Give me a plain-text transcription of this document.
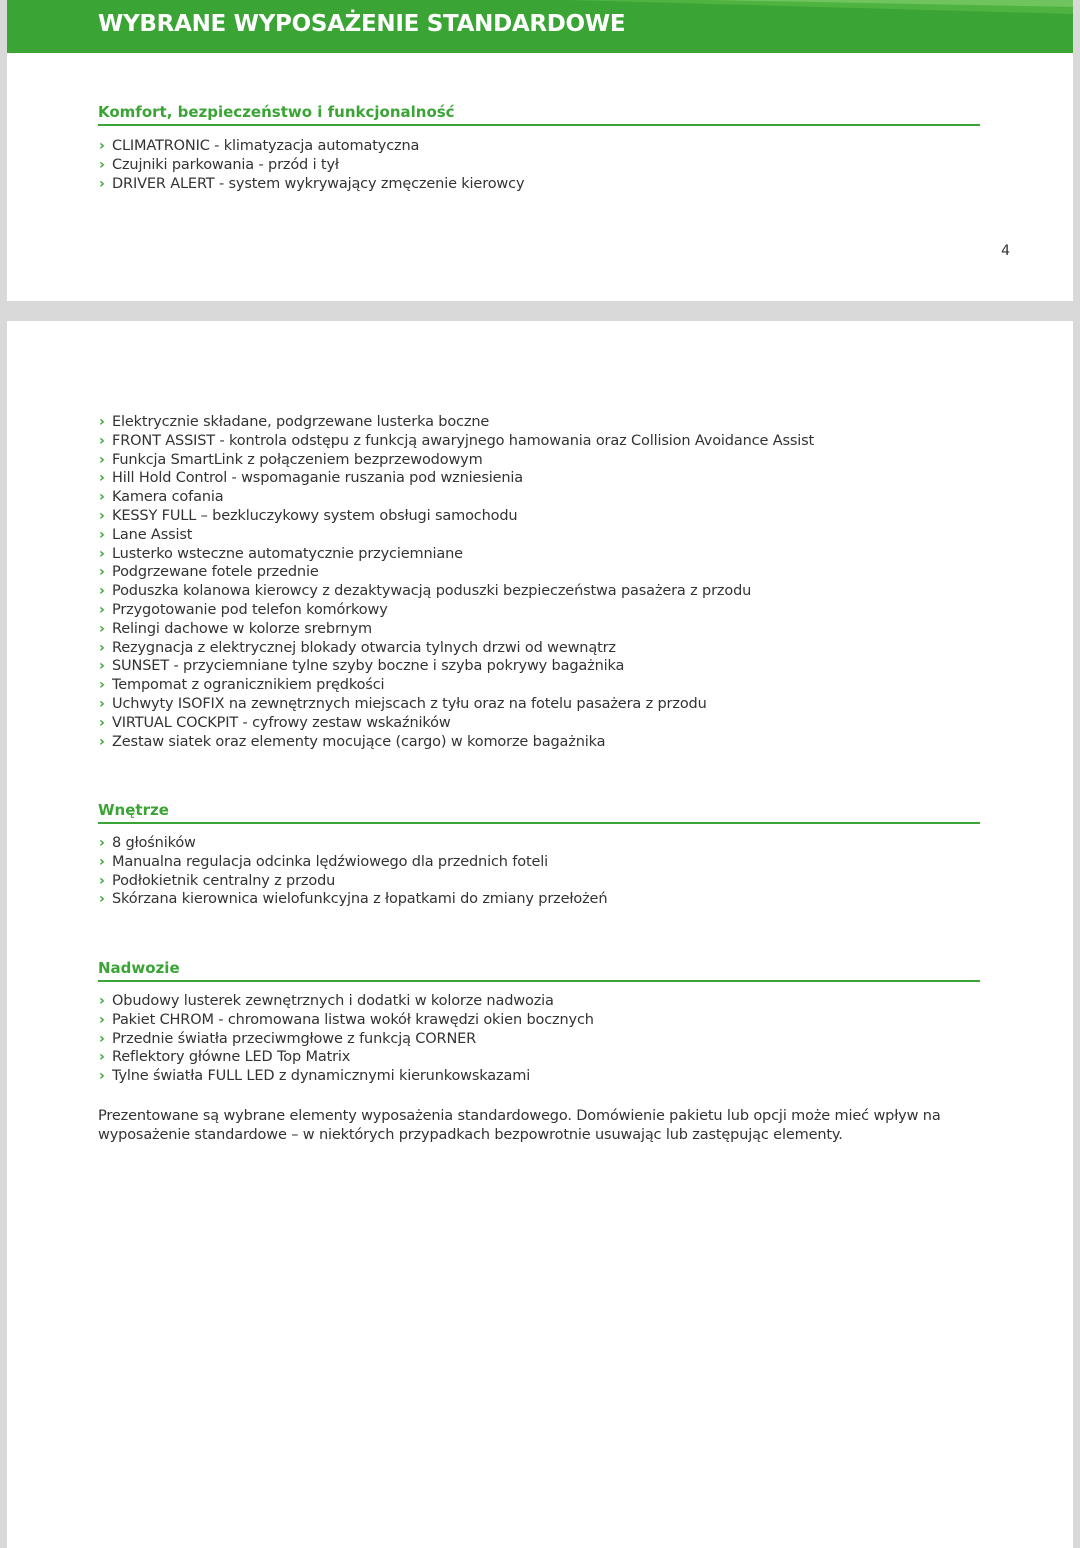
WYBRANE WYPOSAŻENIE STANDARDOWE
Komfort, bezpieczeństwo i funkcjonalność
› CLIMATRONIC - klimatyzacja automatyczna
› Czujniki parkowania - przód i tył
› DRIVER ALERT - system wykrywający zmęczenie kierowcy
4
› Elektrycznie składane, podgrzewane lusterka boczne
› FRONT ASSIST - kontrola odstępu z funkcją awaryjnego hamowania oraz Collision Avoidance Assist
› Funkcja SmartLink z połączeniem bezprzewodowym
› Hill Hold Control - wspomaganie ruszania pod wzniesienia
› Kamera cofania
› KESSY FULL – bezkluczykowy system obsługi samochodu
› Lane Assist
› Lusterko wsteczne automatycznie przyciemniane
› Podgrzewane fotele przednie
› Poduszka kolanowa kierowcy z dezaktywacją poduszki bezpieczeństwa pasażera z przodu
› Przygotowanie pod telefon komórkowy
› Relingi dachowe w kolorze srebrnym
› Rezygnacja z elektrycznej blokady otwarcia tylnych drzwi od wewnątrz
› SUNSET - przyciemniane tylne szyby boczne i szyba pokrywy bagażnika
› Tempomat z ogranicznikiem prędkości
› Uchwyty ISOFIX na zewnętrznych miejscach z tyłu oraz na fotelu pasażera z przodu
› VIRTUAL COCKPIT - cyfrowy zestaw wskaźników
› Zestaw siatek oraz elementy mocujące (cargo) w komorze bagażnika
Wnętrze
› 8 głośników
› Manualna regulacja odcinka lędźwiowego dla przednich foteli
› Podłokietnik centralny z przodu
› Skórzana kierownica wielofunkcyjna z łopatkami do zmiany przełożeń
Nadwozie
› Obudowy lusterek zewnętrznych i dodatki w kolorze nadwozia
› Pakiet CHROM - chromowana listwa wokół krawędzi okien bocznych
› Przednie światła przeciwmgłowe z funkcją CORNER
› Reflektory główne LED Top Matrix
› Tylne światła FULL LED z dynamicznymi kierunkowskazami

Prezentowane są wybrane elementy wyposażenia standardowego. Domówienie pakietu lub opcji może mieć wpływ na wyposażenie standardowe – w niektórych przypadkach bezpowrotnie usuwając lub zastępując elementy.
